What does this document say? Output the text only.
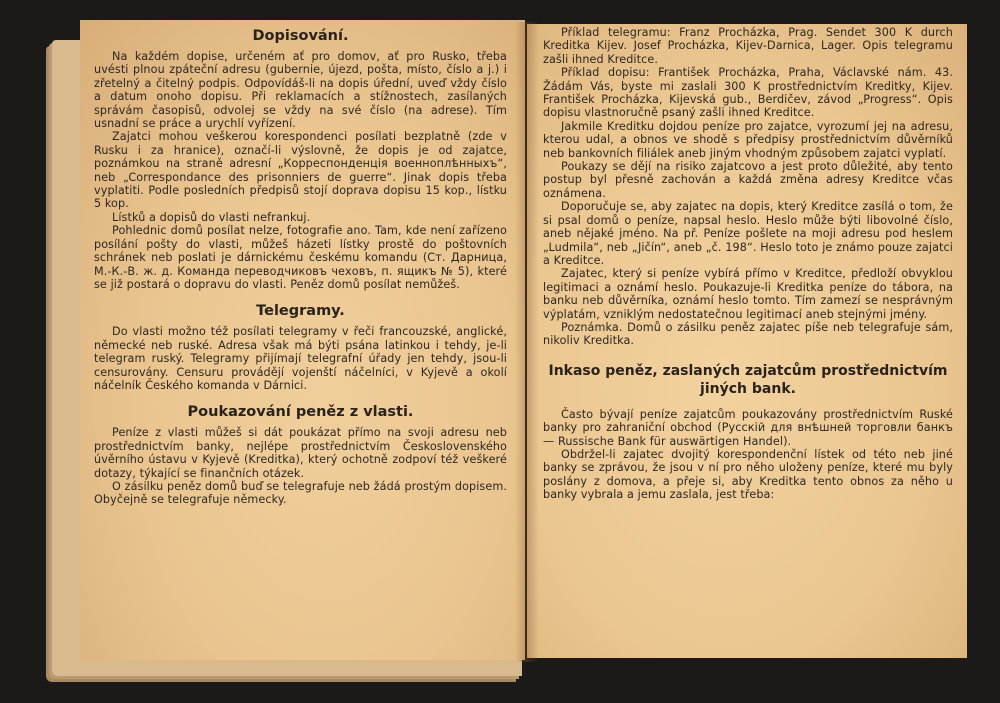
Dopisování.

Na každém dopise, určeném ať pro domov, ať pro Rusko, třeba uvésti plnou zpáteční adresu (gubernie, újezd, pošta, místo, číslo a j.) i zřetelný a čitelný podpis. Odpovídáš-li na dopis úřední, uveď vždy číslo a datum onoho dopisu. Při reklamacích a stížnostech, zasílaných správám časopisů, odvolej se vždy na své číslo (na adrese). Tím usnadní se práce a urychlí vyřízení.

Zajatci mohou veškerou korespondenci posílati bezplatně (zde v Rusku i za hranice), označí-li výslovně, že dopis je od zajatce, poznámkou na straně adresní „Корреспонденція военноплѣнныхъ“, neb „Correspondance des prisonniers de guerre“. Jinak dopis třeba vyplatiti. Podle posledních předpisů stojí doprava dopisu 15 kop., lístku 5 kop.

Lístků a dopisů do vlasti nefrankuj.

Pohlednic domů posílat nelze, fotografie ano. Tam, kde není zařízeno posílání pošty do vlasti, můžeš házeti lístky prostě do poštovních schránek neb poslati je dárnickému českému komandu (Ст. Дарница, М.-К.-В. ж. д. Команда переводчиковъ чеховъ, п. ящикъ № 5), které se již postará o dopravu do vlasti. Peněz domů posílat nemůžeš.

Telegramy.

Do vlasti možno též posílati telegramy v řeči francouzské, anglické, německé neb ruské. Adresa však má býti psána latinkou i tehdy, je-li telegram ruský. Telegramy přijímají telegrafní úřady jen tehdy, jsou-li censurovány. Censuru provádějí vojenští náčelníci, v Kyjevě a okolí náčelník Českého komanda v Dárnici.

Poukazování peněz z vlasti.

Peníze z vlasti můžeš si dát poukázat přímo na svoji adresu neb prostřednictvím banky, nejlépe prostřednictvím Československého úvěrního ústavu v Kyjevě (Kreditka), který ochotně zodpoví též veškeré dotazy, týkající se finančních otázek.

O zásilku peněz domů buď se telegrafuje neb žádá prostým dopisem. Obyčejně se telegrafuje německy.

Příklad telegramu: Franz Procházka, Prag. Sendet 300 K durch Kreditka Kijev. Josef Procházka, Kijev-Darnica, Lager. Opis telegramu zašli ihned Kreditce.

Příklad dopisu: František Procházka, Praha, Václavské nám. 43. Žádám Vás, byste mi zaslali 300 K prostřednictvím Kreditky, Kijev. František Procházka, Kijevská gub., Berdičev, závod „Progress“. Opis dopisu vlastnoručně psaný zašli ihned Kreditce.

Jakmile Kreditku dojdou peníze pro zajatce, vyrozumí jej na adresu, kterou udal, a obnos ve shodě s předpisy prostřednictvím důvěrníků neb bankovních filiálek aneb jiným vhodným způsobem zajatci vyplatí.

Poukazy se dějí na risiko zajatcovo a jest proto důležité, aby tento postup byl přesně zachován a každá změna adresy Kreditce včas oznámena.

Doporučuje se, aby zajatec na dopis, který Kreditce zasílá o tom, že si psal domů o peníze, napsal heslo. Heslo může býti libovolné číslo, aneb nějaké jméno. Na př. Peníze pošlete na moji adresu pod heslem „Ludmila“, neb „Jičín“, aneb „č. 198“. Heslo toto je známo pouze zajatci a Kreditce.

Zajatec, který si peníze vybírá přímo v Kreditce, předloží obvyklou legitimaci a oznámí heslo. Poukazuje-li Kreditka peníze do tábora, na banku neb důvěrníka, oznámí heslo tomto. Tím zamezí se nesprávným výplatám, vzniklým nedostatečnou legitimací aneb stejnými jmény.

Poznámka. Domů o zásilku peněz zajatec píše neb telegrafuje sám, nikoliv Kreditka.

Inkaso peněz, zaslaných zajatcům prostřednictvím jiných bank.

Často bývají peníze zajatcům poukazovány prostřednictvím Ruské banky pro zahraniční obchod (Русскій для внѣшней торговли банкъ — Russische Bank für auswärtigen Handel).

Obdržel-li zajatec dvojitý korespondenční lístek od této neb jiné banky se zprávou, že jsou v ní pro něho uloženy peníze, které mu byly poslány z domova, a přeje si, aby Kreditka tento obnos za něho u banky vybrala a jemu zaslala, jest třeba:
